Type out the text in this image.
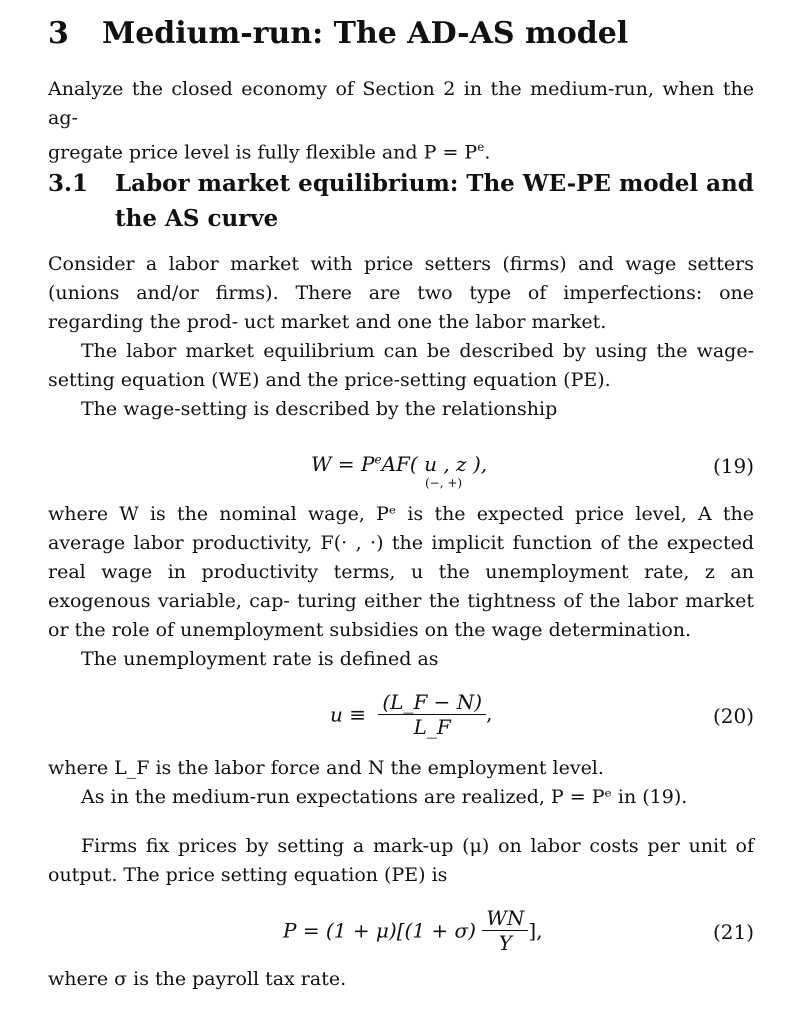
3 Medium-run: The AD-AS model
Analyze the closed economy of Section 2 in the medium-run, when the ag-
gregate price level is fully flexible and $P = P^e$.
3.1 Labor market equilibrium: The WE-PE model and the AS curve
Consider a labor market with price setters (firms) and wage setters (unions and/or firms). There are two type of imperfections: one regarding the prod- uct market and one the labor market.
The labor market equilibrium can be described by using the wage-setting equation (WE) and the price-setting equation (PE).
The wage-setting is described by the relationship
$W = P^eAF$( u , z ),
(−, +)
(19)
where W is the nominal wage, Pᵉ is the expected price level, A the average labor productivity, F(· , ·) the implicit function of the expected real wage in productivity terms, u the unemployment rate, z an exogenous variable, cap- turing either the tightness of the labor market or the role of unemployment subsidies on the wage determination.
The unemployment rate is defined as
$u \equiv \frac{(L\_F - N)}{L\_F}$ ,	(20)
where L_F is the labor force and N the employment level.
As in the medium-run expectations are realized, P = Pᵉ in (19).
Firms fix prices by setting a mark-up (μ) on labor costs per unit of output. The price setting equation (PE) is
$P = (1 + \mu)[(1 + \sigma) \frac{WN}{Y}$ ],	(21)
where σ is the payroll tax rate.
